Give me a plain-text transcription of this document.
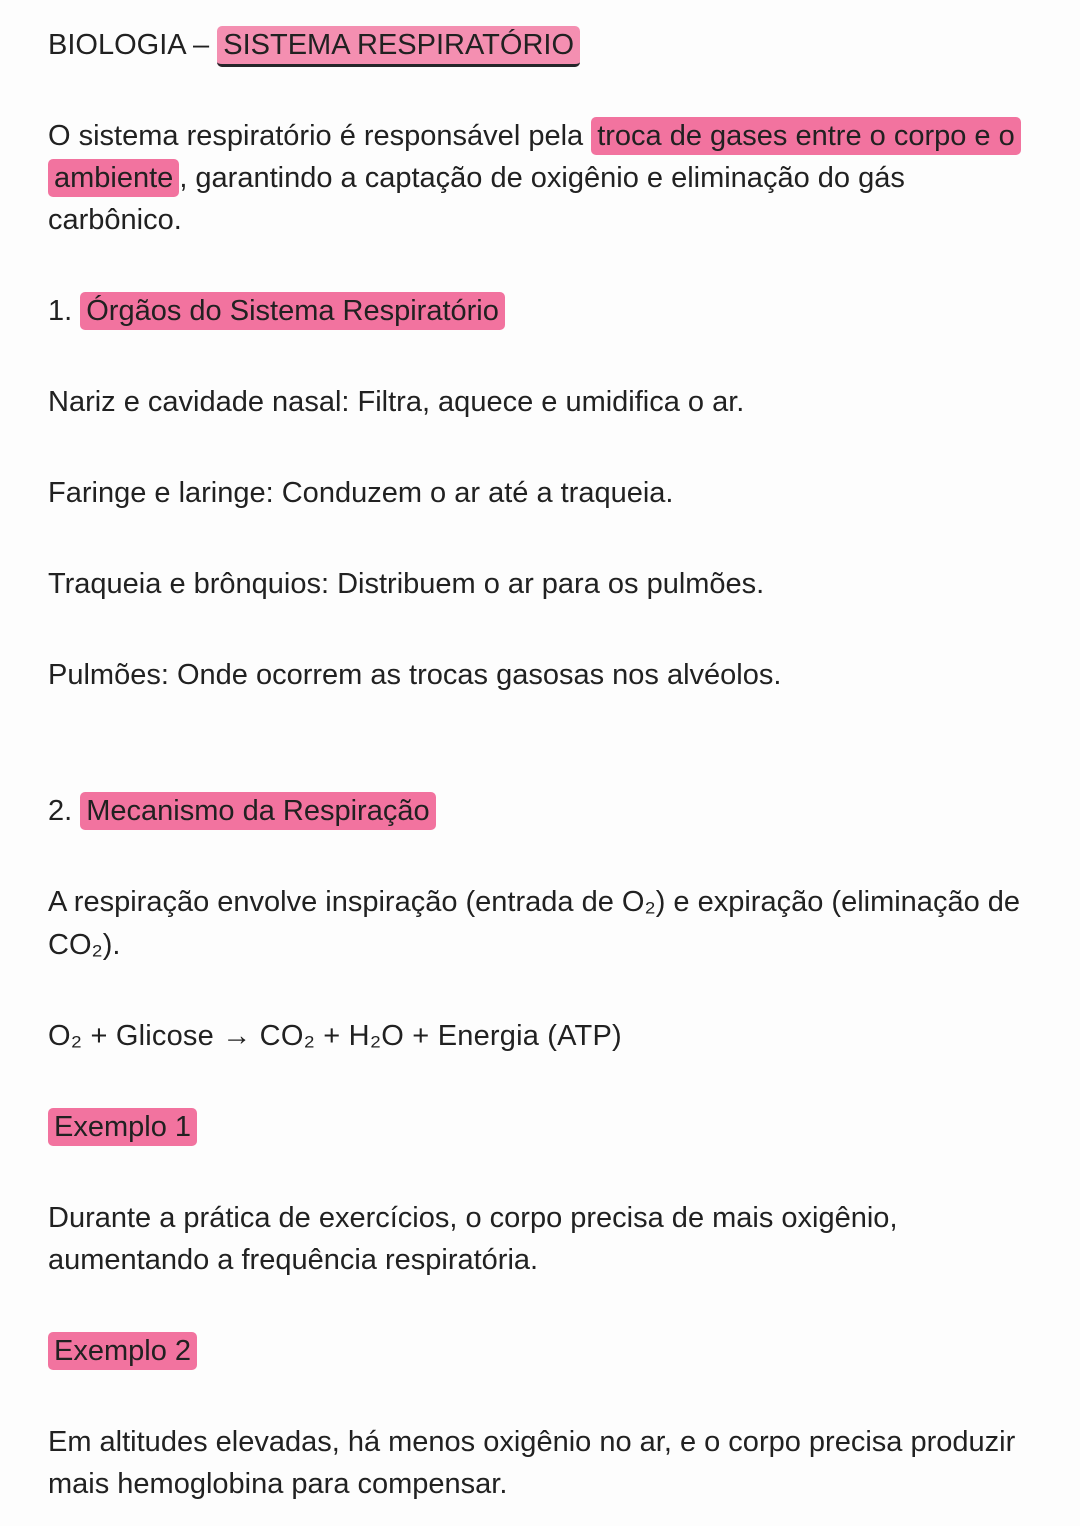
BIOLOGIA – SISTEMA RESPIRATÓRIO

O sistema respiratório é responsável pela troca de gases entre o corpo e o ambiente , garantindo a captação de oxigênio e eliminação do gás carbônico.

1. Órgãos do Sistema Respiratório

Nariz e cavidade nasal: Filtra, aquece e umidifica o ar.

Faringe e laringe: Conduzem o ar até a traqueia.

Traqueia e brônquios: Distribuem o ar para os pulmões.

Pulmões: Onde ocorrem as trocas gasosas nos alvéolos.

2. Mecanismo da Respiração

A respiração envolve inspiração (entrada de O₂) e expiração (eliminação de CO₂).

O₂ + Glicose → CO₂ + H₂O + Energia (ATP)

Exemplo 1

Durante a prática de exercícios, o corpo precisa de mais oxigênio, aumentando a frequência respiratória.

Exemplo 2

Em altitudes elevadas, há menos oxigênio no ar, e o corpo precisa produzir mais hemoglobina para compensar.
